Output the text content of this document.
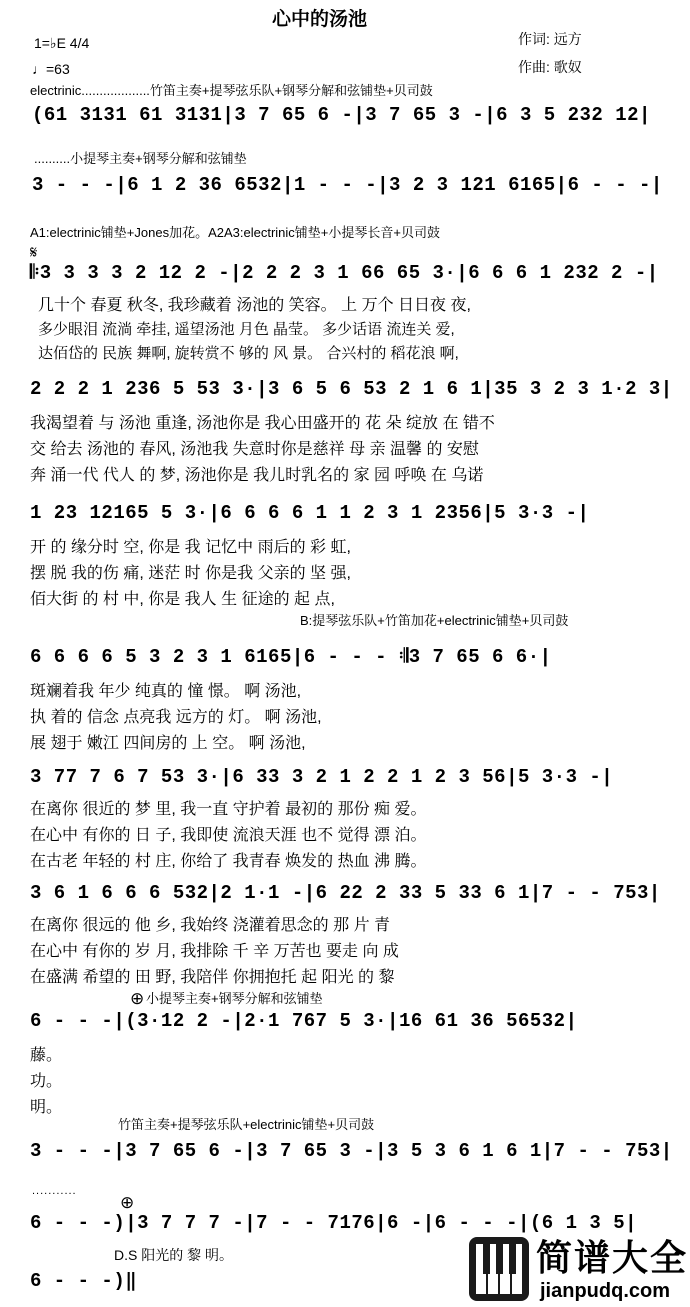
心中的汤池
1=♭E 4/4
♩=63
作词: 远方
作曲: 歌奴
electrinic...................竹笛主奏+提琴弦乐队+钢琴分解和弦铺垫+贝司鼓
(61 3131 61 3131|3 7 65 6 -|3 7 65 3 -|6 3 5 232 12|
..........小提琴主奏+钢琴分解和弦铺垫
3 - - -|6 1 2 36 6532|1 - - -|3 2 3 121 6165|6 - - -|
A1:electrinic铺垫+Jones加花。A2A3:electrinic铺垫+小提琴长音+贝司鼓
𝄋
𝄆3 3 3 3 2 12 2 -|2 2 2 3 1 66 65 3·|6 6 6 1 232 2 -|
几十个 春夏 秋冬, 我珍藏着 汤池的 笑容。 上 万个 日日夜 夜,
多少眼泪 流淌 牵挂, 遥望汤池 月色 晶莹。 多少话语 流连关 爱,
达佰岱的 民族 舞啊, 旋转赏不 够的 风 景。 合兴村的 稻花浪 啊,
2 2 2 1 236 5 53 3·|3 6 5 6 53 2 1 6 1|35 3 2 3 1·2 3|
我渴望着 与 汤池 重逢, 汤池你是 我心田盛开的 花 朵 绽放 在 错不
交 给去 汤池的 春风, 汤池我 失意时你是慈祥 母 亲 温馨 的 安慰
奔 涌一代 代人 的 梦, 汤池你是 我儿时乳名的 家 园 呼唤 在 乌诺
1 23 12165 5 3·|6 6 6 6 1 1 2 3 1 2356|5 3·3 -|
开 的 缘分时 空, 你是 我 记忆中 雨后的 彩 虹,
摆 脱 我的伤 痛, 迷茫 时 你是我 父亲的 坚 强,
佰大街 的 村 中, 你是 我人 生 征途的 起 点,
B:提琴弦乐队+竹笛加花+electrinic铺垫+贝司鼓
6 6 6 6 5 3 2 3 1 6165|6 - - - 𝄇3 7 65 6 6·|
斑斓着我 年少 纯真的 憧 憬。 啊 汤池,
执 着的 信念 点亮我 远方的 灯。 啊 汤池,
展 翅于 嫩江 四间房的 上 空。 啊 汤池,
3 77 7 6 7 53 3·|6 33 3 2 1 2 2 1 2 3 56|5 3·3 -|
在离你 很近的 梦 里, 我一直 守护着 最初的 那份 痴 爱。
在心中 有你的 日 子, 我即使 流浪天涯 也不 觉得 漂 泊。
在古老 年轻的 村 庄, 你给了 我青春 焕发的 热血 沸 腾。
3 6 1 6 6 6 532|2 1·1 -|6 22 2 33 5 33 6 1|7 - - 753|
在离你 很远的 他 乡, 我始终 浇灌着思念的 那 片 青
在心中 有你的 岁 月, 我排除 千 辛 万苦也 要走 向 成
在盛满 希望的 田 野, 我陪伴 你拥抱托 起 阳光 的 黎
⊕ 小提琴主奏+钢琴分解和弦铺垫
6 - - -|(3·12 2 -|2·1 767 5 3·|16 61 36 56532|
藤。
功。
明。
竹笛主奏+提琴弦乐队+electrinic铺垫+贝司鼓
3 - - -|3 7 65 6 -|3 7 65 3 -|3 5 3 6 1 6 1|7 - - 753|
...........
⊕
6 - - -)|3 7 7 7 -|7 - - 7176|6 -|6 - - -|(6 1 3 5|
D.S 阳光的 黎 明。
6 - - -)‖
简谱大全
jianpudq.com
